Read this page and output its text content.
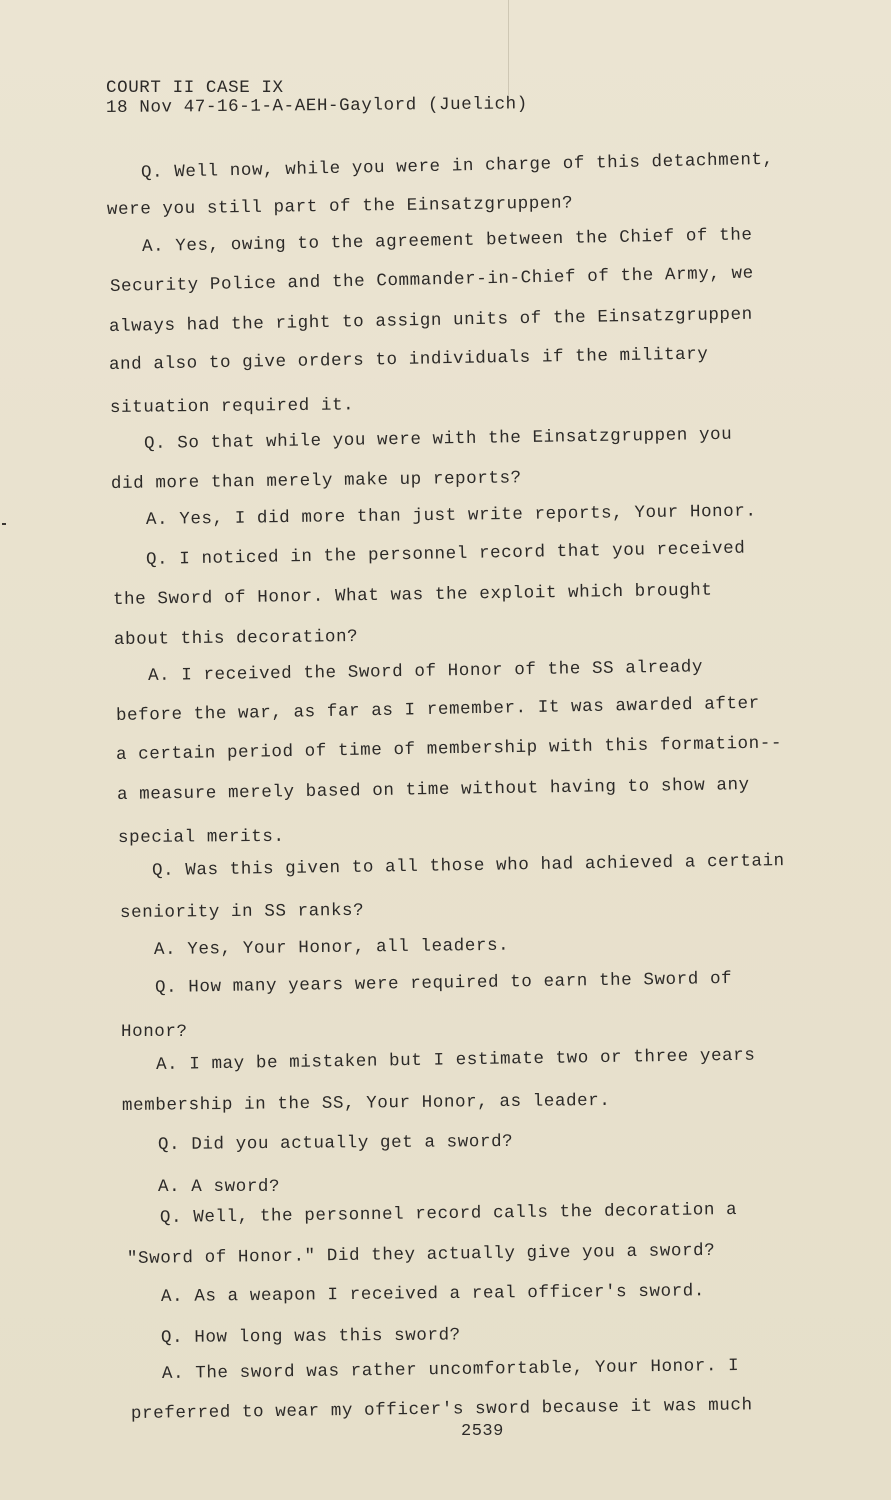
COURT II CASE IX
18 Nov 47-16-1-A-AEH-Gaylord (Juelich)
Q. Well now, while you were in charge of this detachment,
were you still part of the Einsatzgruppen?
A. Yes, owing to the agreement between the Chief of the
Security Police and the Commander-in-Chief of the Army, we
always had the right to assign units of the Einsatzgruppen
and also to give orders to individuals if the military
situation required it.
Q. So that while you were with the Einsatzgruppen you
did more than merely make up reports?
A. Yes, I did more than just write reports, Your Honor.
Q. I noticed in the personnel record that you received
the Sword of Honor. What was the exploit which brought
about this decoration?
A. I received the Sword of Honor of the SS already
before the war, as far as I remember. It was awarded after
a certain period of time of membership with this formation--
a measure merely based on time without having to show any
special merits.
Q. Was this given to all those who had achieved a certain
seniority in SS ranks?
A. Yes, Your Honor, all leaders.
Q. How many years were required to earn the Sword of
Honor?
A. I may be mistaken but I estimate two or three years
membership in the SS, Your Honor, as leader.
Q. Did you actually get a sword?
A. A sword?
Q. Well, the personnel record calls the decoration a
"Sword of Honor." Did they actually give you a sword?
A. As a weapon I received a real officer's sword.
Q. How long was this sword?
A. The sword was rather uncomfortable, Your Honor. I
preferred to wear my officer's sword because it was much
2539
